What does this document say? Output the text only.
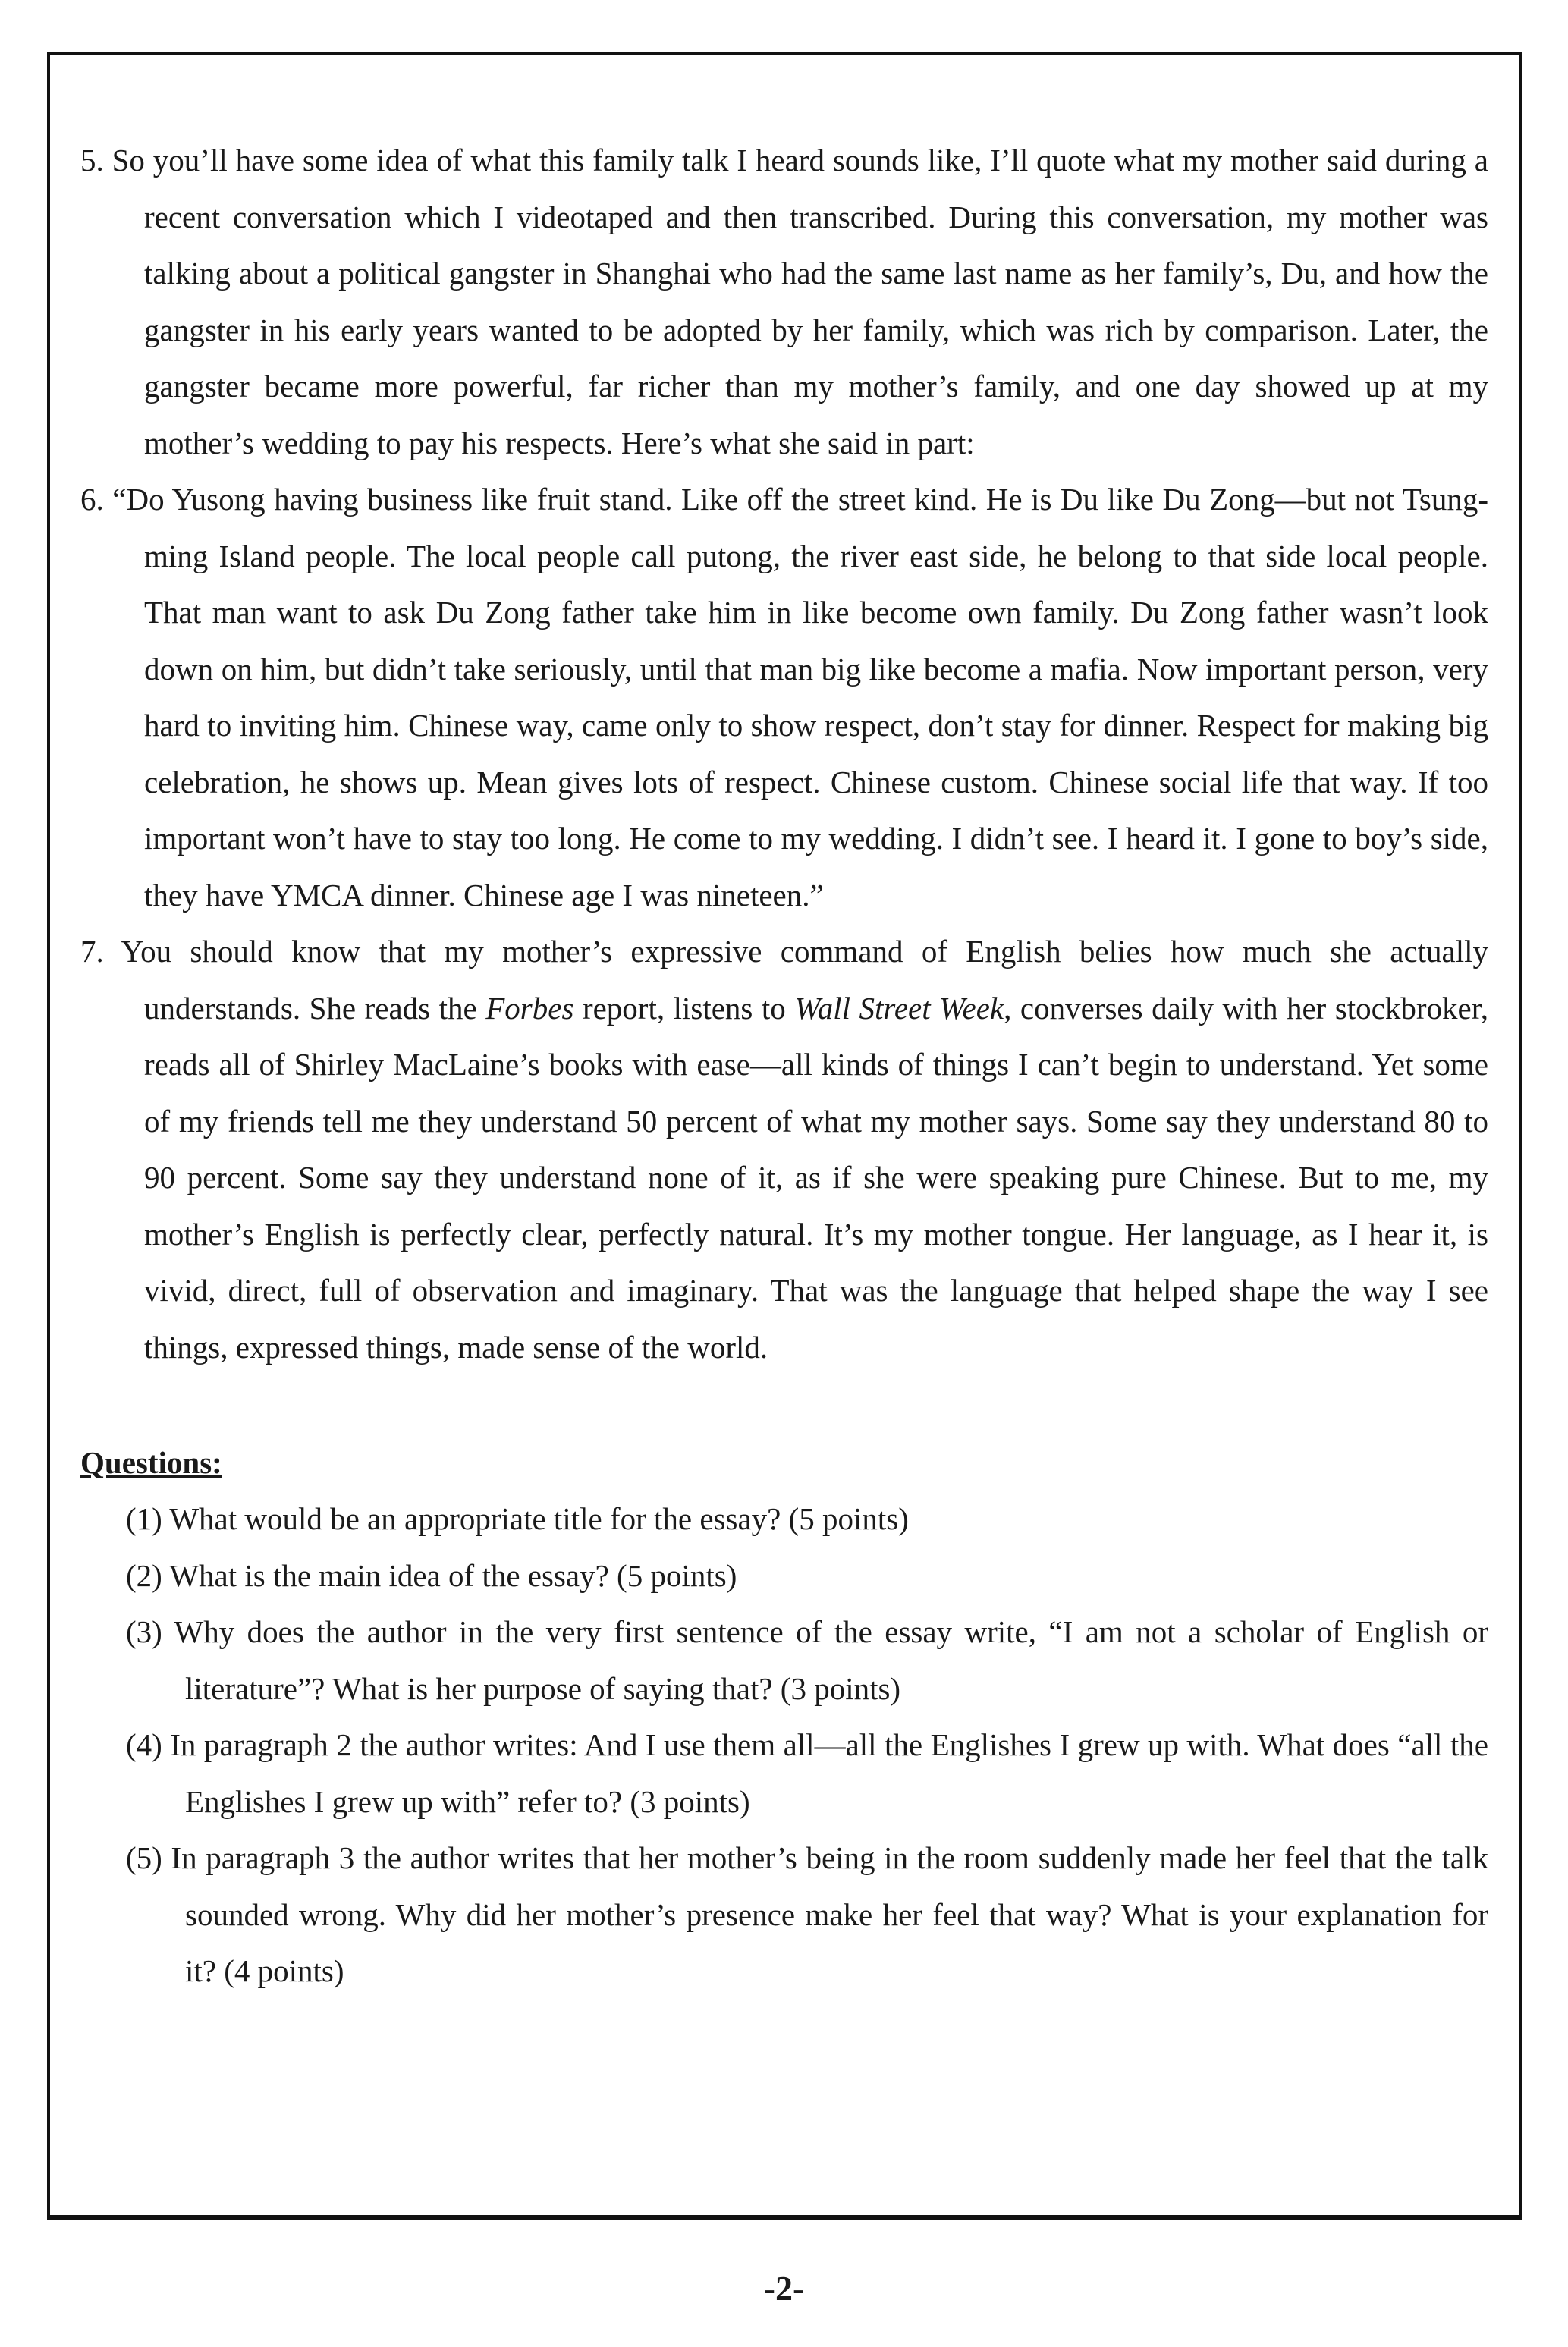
5. So you’ll have some idea of what this family talk I heard sounds like, I’ll quote what my mother said during a recent conversation which I videotaped and then transcribed. During this conversation, my mother was talking about a political gangster in Shanghai who had the same last name as her family’s, Du, and how the gangster in his early years wanted to be adopted by her family, which was rich by comparison. Later, the gangster became more powerful, far richer than my mother’s family, and one day showed up at my mother’s wedding to pay his respects. Here’s what she said in part:

6. “Do Yusong having business like fruit stand. Like off the street kind. He is Du like Du Zong—but not Tsung-ming Island people. The local people call putong, the river east side, he belong to that side local people. That man want to ask Du Zong father take him in like become own family. Du Zong father wasn’t look down on him, but didn’t take seriously, until that man big like become a mafia. Now important person, very hard to inviting him. Chinese way, came only to show respect, don’t stay for dinner. Respect for making big celebration, he shows up. Mean gives lots of respect. Chinese custom. Chinese social life that way. If too important won’t have to stay too long. He come to my wedding. I didn’t see. I heard it. I gone to boy’s side, they have YMCA dinner. Chinese age I was nineteen.”

7. You should know that my mother’s expressive command of English belies how much she actually understands. She reads the Forbes report, listens to Wall Street Week, converses daily with her stockbroker, reads all of Shirley MacLaine’s books with ease—all kinds of things I can’t begin to understand. Yet some of my friends tell me they understand 50 percent of what my mother says. Some say they understand 80 to 90 percent. Some say they understand none of it, as if she were speaking pure Chinese. But to me, my mother’s English is perfectly clear, perfectly natural. It’s my mother tongue. Her language, as I hear it, is vivid, direct, full of observation and imaginary. That was the language that helped shape the way I see things, expressed things, made sense of the world.

Questions:
(1) What would be an appropriate title for the essay? (5 points)
(2) What is the main idea of the essay? (5 points)
(3) Why does the author in the very first sentence of the essay write, “I am not a scholar of English or literature”? What is her purpose of saying that? (3 points)
(4) In paragraph 2 the author writes: And I use them all—all the Englishes I grew up with. What does “all the Englishes I grew up with” refer to? (3 points)
(5) In paragraph 3 the author writes that her mother’s being in the room suddenly made her feel that the talk sounded wrong. Why did her mother’s presence make her feel that way? What is your explanation for it? (4 points)
-2-
